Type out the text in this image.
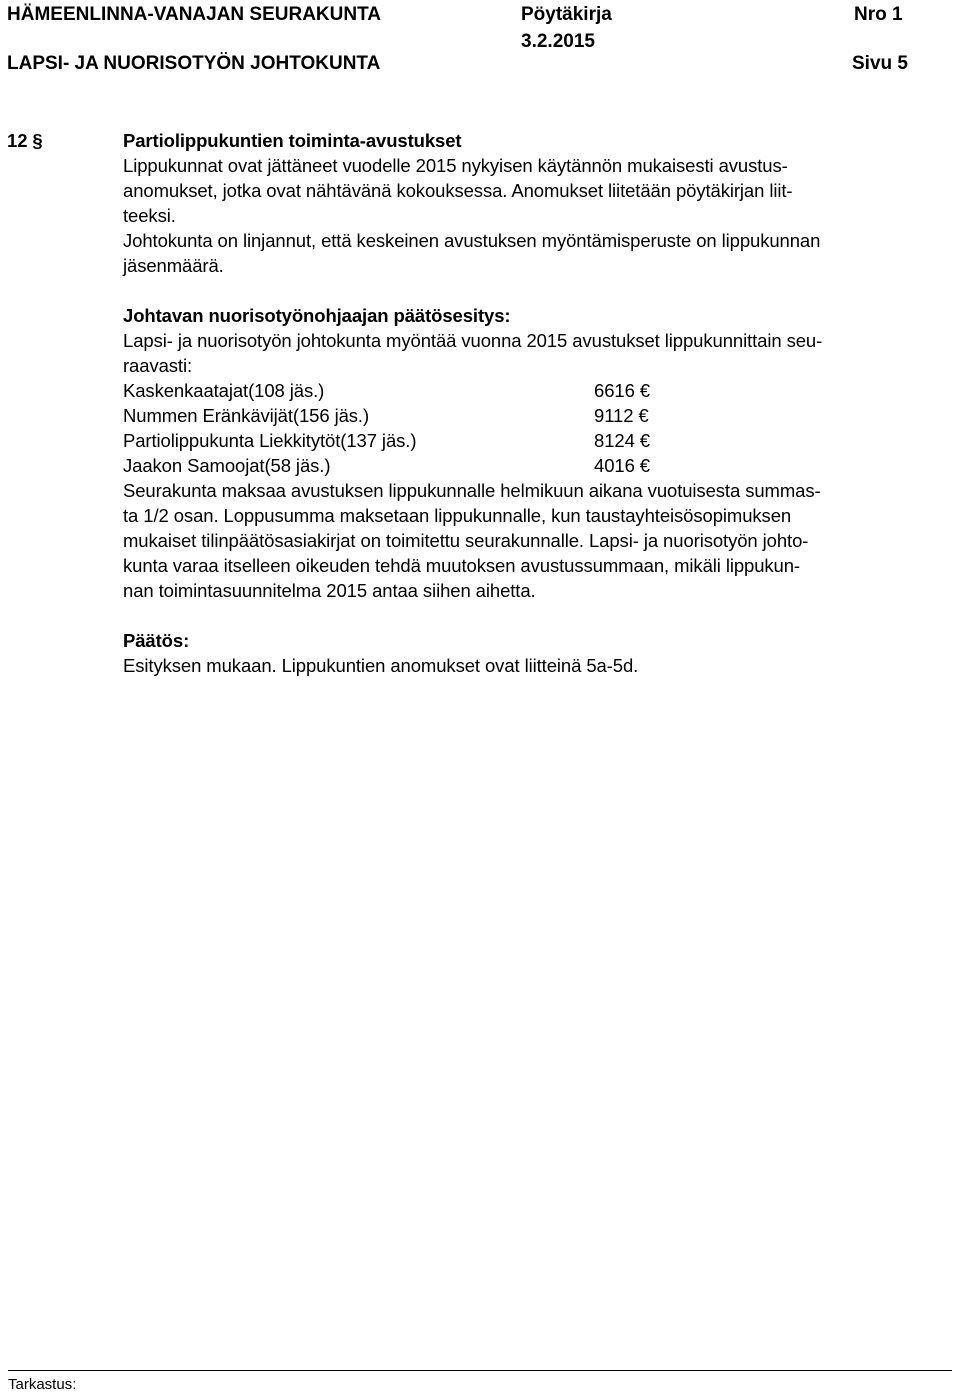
HÄMEENLINNA-VANAJAN SEURAKUNTA	Pöytäkirja	Nro 1
3.2.2015
LAPSI- JA NUORISOTYÖN JOHTOKUNTA	Sivu 5
12 §	Partiolippukuntien toiminta-avustukset
Lippukunnat ovat jättäneet vuodelle 2015 nykyisen käytännön mukaisesti avustus-
anomukset, jotka ovat nähtävänä kokouksessa. Anomukset liitetään pöytäkirjan liit-
teeksi.
Johtokunta on linjannut, että keskeinen avustuksen myöntämisperuste on lippukunnan
jäsenmäärä.
Johtavan nuorisotyönohjaajan päätösesitys:
Lapsi- ja nuorisotyön johtokunta myöntää vuonna 2015 avustukset lippukunnittain seu-
raavasti:
Kaskenkaatajat(108 jäs.)	6616 €
Nummen Eränkävijät(156 jäs.)	9112 €
Partiolippukunta Liekkitytöt(137 jäs.)	8124 €
Jaakon Samoojat(58 jäs.)	4016 €
Seurakunta maksaa avustuksen lippukunnalle helmikuun aikana vuotuisesta summas-
ta 1/2 osan. Loppusumma maksetaan lippukunnalle, kun taustayhteisösopimuksen
mukaiset tilinpäätösasiakirjat on toimitettu seurakunnalle. Lapsi- ja nuorisotyön johto-
kunta varaa itselleen oikeuden tehdä muutoksen avustussummaan, mikäli lippukun-
nan toimintasuunnitelma 2015 antaa siihen aihetta.
Päätös:
Esityksen mukaan. Lippukuntien anomukset ovat liitteinä 5a-5d.
Tarkastus:
